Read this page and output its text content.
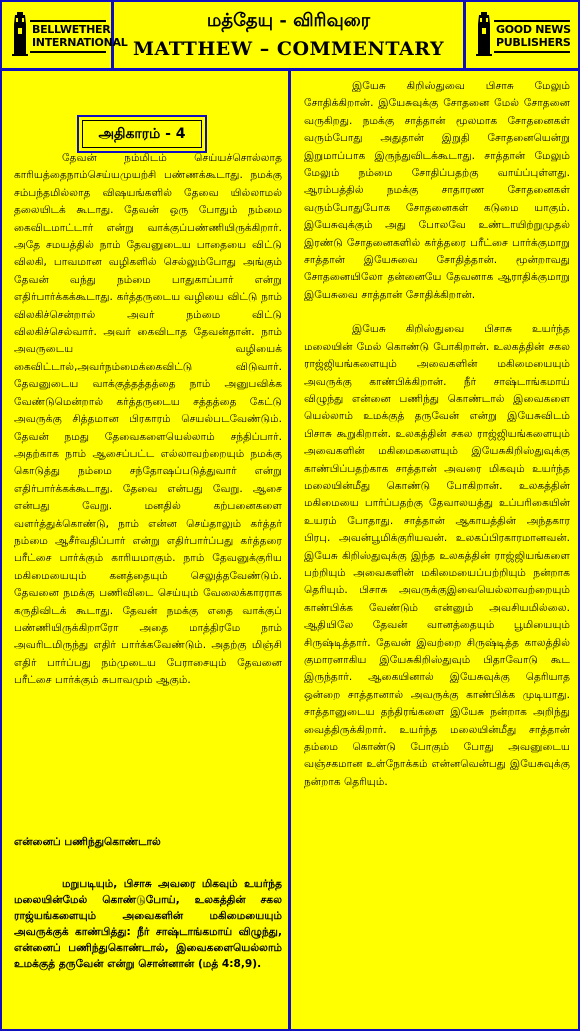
BELLWETHER
INTERNATIONAL
மத்தேயு - விரிவுரை
MATTHEW – COMMENTARY
GOOD NEWS
PUBLISHERS
அதிகாரம் - 4

தேவன் நம்மிடம் செய்யச்சொல்லாத காரியத்தைநாம்செய்யமுயற்சி பண்ணக்கூடாது. நமக்கு சம்பந்தமில்லாத விஷயங்களில் தேவை யில்லாமல் தலையிடக் கூடாது. தேவன் ஒரு போதும் நம்மை கைவிடமாட்டார் என்று வாக்குப்பண்ணியிருக்கிறார். அதே சமயத்தில் நாம் தேவனுடைய பாதையை விட்டு விலகி, பாவமான வழிகளில் செல்லும்போது அங்கும் தேவன் வந்து நம்மை பாதுகாப்பார் என்று எதிர்பார்க்கக்கூடாது. கர்த்தருடைய வழியை விட்டு நாம் விலகிச்சென்றால் அவர் நம்மை விட்டு விலகிச்செல்வார். அவர் கைவிடாத தேவன்தான். நாம் அவருடைய வழியைக் கைவிட்டால்,அவர்நம்மைக்கைவிட்டு விடுவார். தேவனுடைய வாக்குத்தத்தத்தை நாம் அனுபவிக்க வேண்டுமென்றால் கர்த்தருடைய சத்தத்தை கேட்டு அவருக்கு சித்தமான பிரகாரம் செயல்படவேண்டும். தேவன் நமது தேவைகளையெல்லாம் சந்திப்பார். அதற்காக நாம் ஆசைப்பட்ட எல்லாவற்றையும் நமக்கு கொடுத்து நம்மை சந்தோஷப்படுத்துவார் என்று எதிர்பார்க்கக்கூடாது. தேவை என்பது வேறு. ஆசை என்பது வேறு. மனதில் கற்பனைகளை வளர்த்துக்கொண்டு, நாம் என்ன செய்தாலும் கர்த்தர் நம்மை ஆசீர்வதிப்பார் என்று எதிர்பார்ப்பது கர்த்தரை பரீட்சை பார்க்கும் காரியமாகும். நாம் தேவனுக்குரிய மகிமையையும் கனத்தையும் செலுத்தவேண்டும். தேவனை நமக்கு பணிவிடை செய்யும் வேலைக்காரராக கருதிவிடக் கூடாது. தேவன் நமக்கு எதை வாக்குப் பண்ணியிருக்கிறாரோ அதை மாத்திரமே நாம் அவரிடமிருந்து எதிர் பார்க்கவேண்டும். அதற்கு மிஞ்சி எதிர் பார்ப்பது நம்முடைய பேராசையும் தேவனை பரீட்சை பார்க்கும் சுபாவமும் ஆகும்.

என்னைப் பணிந்துகொண்டால்

மறுபடியும், பிசாசு அவரை மிகவும் உயர்ந்த மலையின்மேல் கொண்டுபோய், உலகத்தின் சகல ராஜ்யங்களையும் அவைகளின் மகிமையையும் அவருக்குக் காண்பித்து: நீர் சாஷ்டாங்கமாய் விழுந்து, என்னைப் பணிந்துகொண்டால், இவைகளையெல்லாம் உமக்குத் தருவேன் என்று சொன்னான் (மத் 4:8,9).

இயேசு கிறிஸ்துவை பிசாசு மேலும் சோதிக்கிறான். இயேசுவுக்கு சோதனை மேல் சோதனை வருகிறது. நமக்கு சாத்தான் மூலமாக சோதனைகள் வரும்போது அதுதான் இறுதி சோதனையென்று இறுமாப்பாக இருந்துவிடக்கூடாது. சாத்தான் மேலும் மேலும் நம்மை சோதிப்பதற்கு வாய்ப்புள்ளது. ஆரம்பத்தில் நமக்கு சாதாரண சோதனைகள் வரும்போதுபோக சோதனைகள் கடுமை யாகும். இயேசுவுக்கும் அது போலவே உண்டாயிற்றுமுதல் இரண்டு சோதனைகளில் கர்த்தரை பரீட்சை பார்க்குமாறு சாத்தான் இயேசுவை சோதித்தான். மூன்றாவது சோதனையிலோ தன்னையே தேவனாக ஆராதிக்குமாறு இயேசுவை சாத்தான் சோதிக்கிறான்.

இயேசு கிறிஸ்துவை பிசாசு உயர்ந்த மலையின் மேல் கொண்டு போகிறான். உலகத்தின் சகல ராஜ்ஜியங்களையும் அவைகளின் மகிமையையும் அவருக்கு காண்பிக்கிறான். நீர் சாஷ்டாங்கமாய் விழுந்து என்னை பணிந்து கொண்டால் இவைகளை யெல்லாம் உமக்குத் தருவேன் என்று இயேசுவிடம் பிசாசு கூறுகிறான். உலகத்தின் சகல ராஜ்ஜியங்களையும் அவைகளின் மகிமைகளையும் இயேசுகிறிஸ்துவுக்கு காண்பிப்பதற்காக சாத்தான் அவரை மிகவும் உயர்ந்த மலையின்மீது கொண்டு போகிறான். உலகத்தின் மகிமையை பார்ப்பதற்கு தேவாலயத்து உப்பரிகையின் உயரம் போதாது. சாத்தான் ஆகாயத்தின் அந்தகார பிரபு. அவன்பூமிக்குரியவன். உலகப்பிரகாரமானவன். இயேசு கிறிஸ்துவுக்கு இந்த உலகத்தின் ராஜ்ஜியங்களை பற்றியும் அவைகளின் மகிமையைப்பற்றியும் நன்றாக தெரியும். பிசாசு அவருக்குஇவையெல்லாவற்றையும் காண்பிக்க வேண்டும் என்னும் அவசியமில்லை. ஆதியிலே தேவன் வானத்தையும் பூமியையும் சிருஷ்டித்தார். தேவன் இவற்றை சிருஷ்டித்த காலத்தில் குமாரனாகிய இயேசுகிறிஸ்துவும் பிதாவோடு கூட இருந்தார். ஆகையினால் இயேசுவுக்கு தெரியாத ஒன்றை சாத்தானால் அவருக்கு காண்பிக்க முடியாது. சாத்தானுடைய தந்திரங்களை இயேசு நன்றாக அறிந்து வைத்திருக்கிறார். உயர்ந்த மலையின்மீது சாத்தான் தம்மை கொண்டு போகும் போது அவனுடைய வஞ்சகமான உள்நோக்கம் என்னவென்பது இயேசுவுக்கு நன்றாக தெரியும்.
